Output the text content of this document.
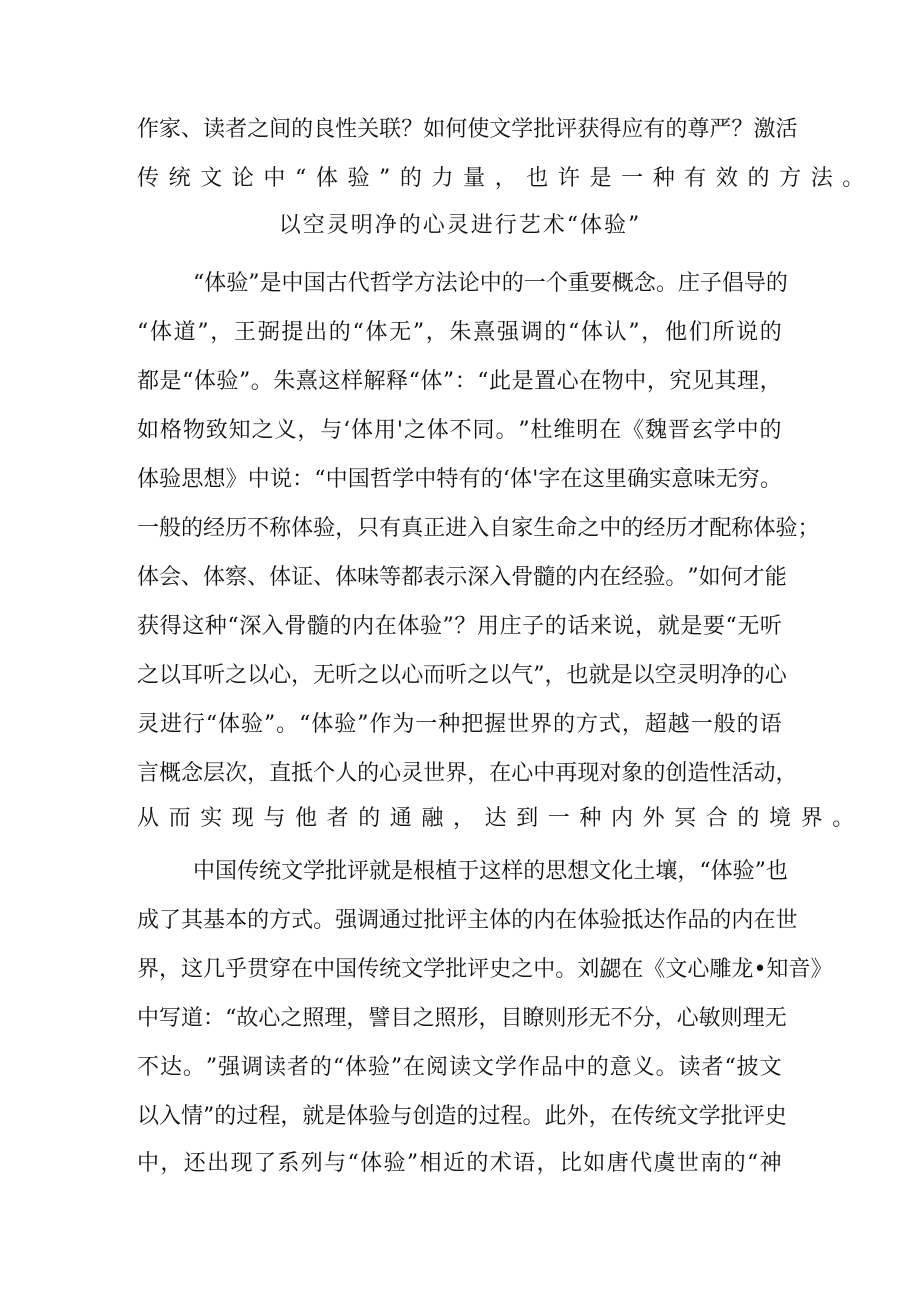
作 家 、 读 者 之 间 的 良 性 关 联 ？ 如 何 使 文 学 批 评 获 得 应 有 的 尊 严 ？ 激 活
传统文论中“体验”的力量，也许是一种有效的方法。
以空灵明净的心灵进行艺术“体验”
“ 体 验 ” 是 中 国 古 代 哲 学 方 法 论 中 的 一 个 重 要 概 念 。 庄 子 倡 导 的
“ 体 道 ” ， 王 弼 提 出 的 “ 体 无 ” ， 朱 熹 强 调 的 “ 体 认 ” ， 他 们 所 说 的
都 是 “ 体 验 ” 。 朱 熹 这 样 解 释 “ 体 ” ： “ 此 是 置 心 在 物 中 ， 究 见 其 理 ，
如 格 物 致 知 之 义 ， 与 ‘ 体 用 ' 之 体 不 同 。 ” 杜 维 明 在 《 魏 晋 玄 学 中 的
体 验 思 想 》 中 说 ： “ 中 国 哲 学 中 特 有 的 ‘ 体 ' 字 在 这 里 确 实 意 味 无 穷 。
一 般 的 经 历 不 称 体 验 ， 只 有 真 正 进 入 自 家 生 命 之 中 的 经 历 才 配 称 体 验 ；
体 会 、 体 察 、 体 证 、 体 味 等 都 表 示 深 入 骨 髓 的 内 在 经 验 。 ” 如 何 才 能
获 得 这 种 “ 深 入 骨 髓 的 内 在 体 验 ” ？ 用 庄 子 的 话 来 说 ， 就 是 要 “ 无 听
之 以 耳 听 之 以 心 ， 无 听 之 以 心 而 听 之 以 气 ” ， 也 就 是 以 空 灵 明 净 的 心
灵 进 行 “ 体 验 ” 。 “ 体 验 ” 作 为 一 种 把 握 世 界 的 方 式 ， 超 越 一 般 的 语
言 概 念 层 次 ， 直 抵 个 人 的 心 灵 世 界 ， 在 心 中 再 现 对 象 的 创 造 性 活 动 ，
从而实现与他者的通融，达到一种内外冥合的境界。
中 国 传 统 文 学 批 评 就 是 根 植 于 这 样 的 思 想 文 化 土 壤 ， “ 体 验 ” 也
成 了 其 基 本 的 方 式 。 强 调 通 过 批 评 主 体 的 内 在 体 验 抵 达 作 品 的 内 在 世
界 ， 这 几 乎 贯 穿 在 中 国 传 统 文 学 批 评 史 之 中 。 刘 勰 在 《 文 心 雕 龙 • 知 音 》
中 写 道 ： “ 故 心 之 照 理 ， 譬 目 之 照 形 ， 目 瞭 则 形 无 不 分 ， 心 敏 则 理 无
不 达 。 ” 强 调 读 者 的 “ 体 验 ” 在 阅 读 文 学 作 品 中 的 意 义 。 读 者 “ 披 文
以 入 情 ” 的 过 程 ， 就 是 体 验 与 创 造 的 过 程 。 此 外 ， 在 传 统 文 学 批 评 史
中 ， 还 出 现 了 系 列 与 “ 体 验 ” 相 近 的 术 语 ， 比 如 唐 代 虞 世 南 的 “ 神
